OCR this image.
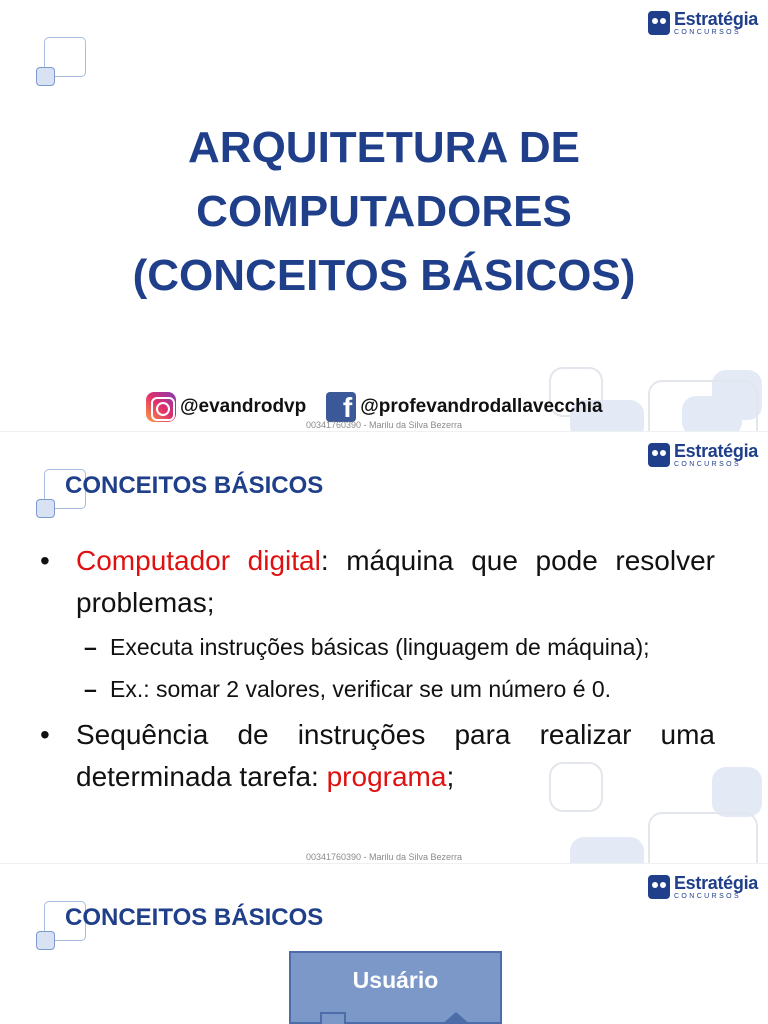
Estratégia
CONCURSOS
ARQUITETURA DE
COMPUTADORES
(CONCEITOS BÁSICOS)
@evandrodvp	f @profevandrodallavecchia
00341760390 - Marilu da Silva Bezerra
Estratégia
CONCURSOS
CONCEITOS BÁSICOS
• Computador digital: máquina que pode resolver problemas;
– Executa instruções básicas (linguagem de máquina);
– Ex.: somar 2 valores, verificar se um número é 0.
• Sequência de instruções para realizar uma determinada tarefa: programa;
00341760390 - Marilu da Silva Bezerra
Estratégia
CONCURSOS
CONCEITOS BÁSICOS
Usuário
